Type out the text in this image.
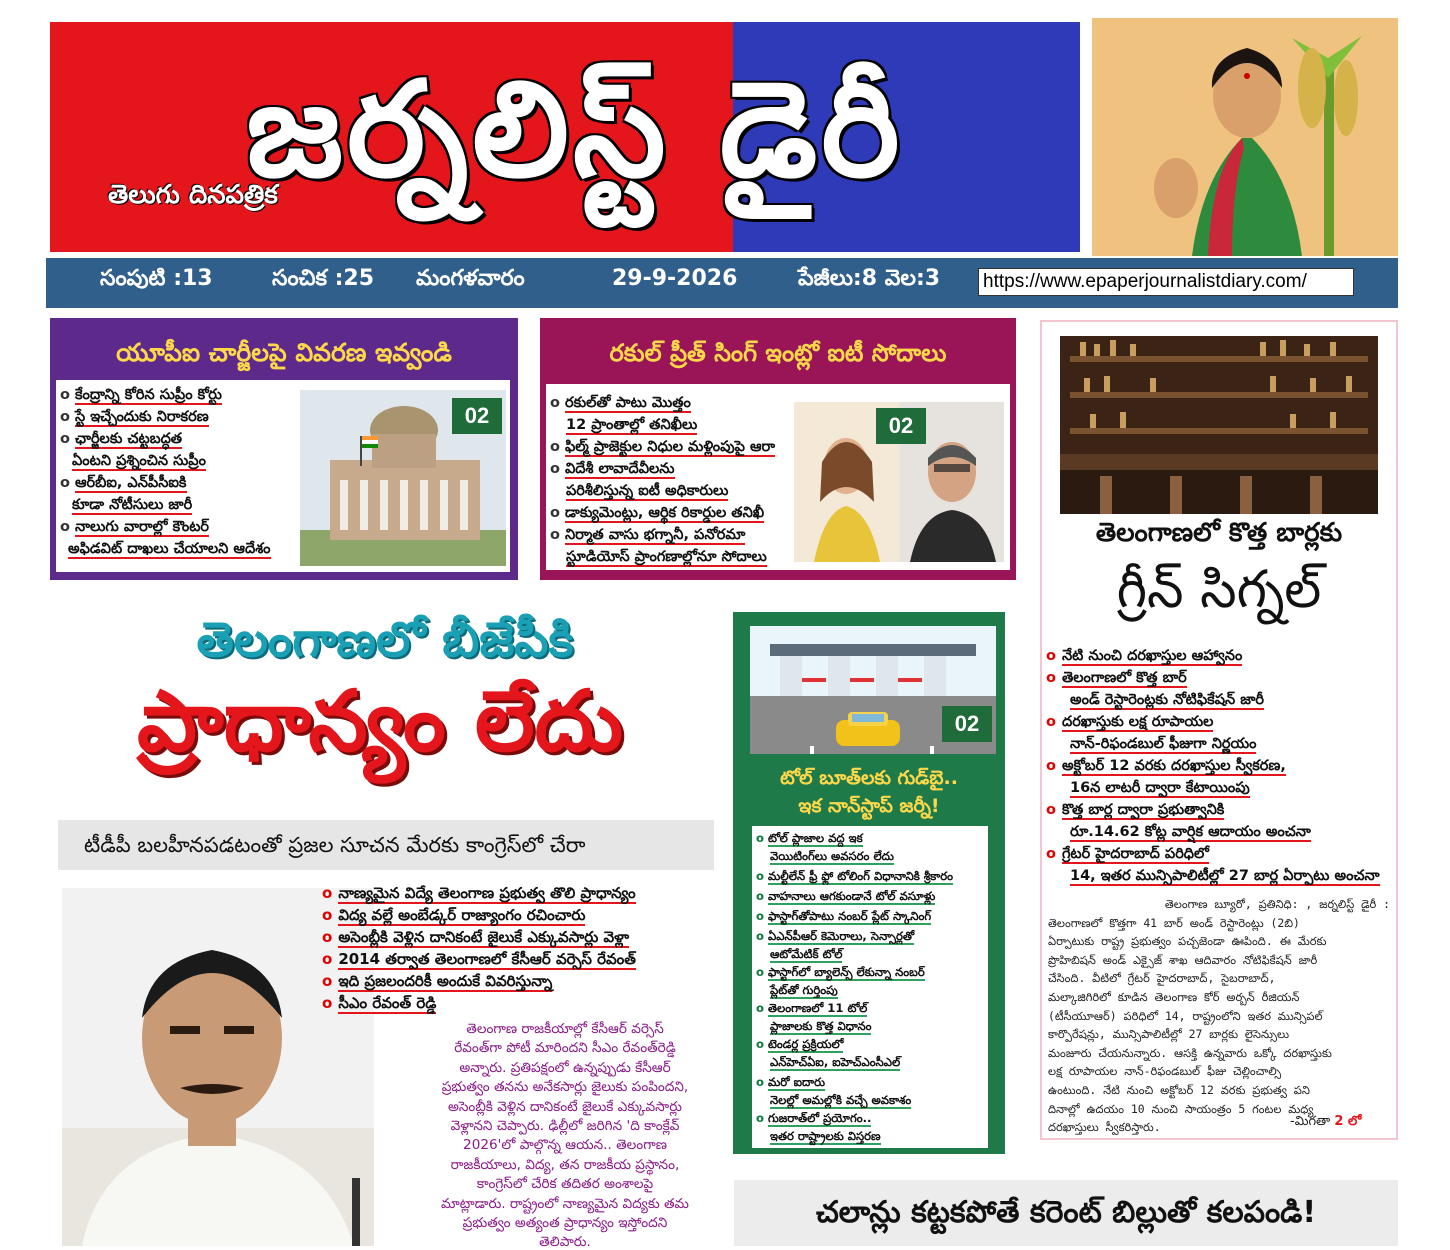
జర్నలిస్ట్ డైరీ
తెలుగు దినపత్రిక
సంపుటి :13	సంచిక :25 మంగళవారం	29-9-2026	పేజీలు:8 వెల:3 https://www.epaperjournalistdiary.com/
యూపీఐ చార్జీలపై వివరణ ఇవ్వండి
02
o కేంద్రాన్ని కోరిన సుప్రీం కోర్టు
o స్టే ఇచ్చేందుకు నిరాకరణ
o ఛార్జీలకు చట్టబద్ధత
ఏంటని ప్రశ్నించిన సుప్రీం
o ఆర్‌బీఐ, ఎన్‌పీసీఐకి
కూడా నోటీసులు జారీ
o నాలుగు వారాల్లో కౌంటర్
అఫిడవిట్ దాఖలు చేయాలని ఆదేశం
రకుల్ ప్రీత్ సింగ్ ఇంట్లో ఐటీ సోదాలు
02
o రకుల్‌తో పాటు మొత్తం
12 ప్రాంతాల్లో తనిఖీలు
o ఫిల్మ్ ప్రాజెక్టుల నిధుల మళ్లింపుపై ఆరా
o విదేశీ లావాదేవీలను
పరిశీలిస్తున్న ఐటీ అధికారులు
o డాక్యుమెంట్లు, ఆర్థిక రికార్డుల తనిఖీ
o నిర్మాత వాసు భగ్నానీ, పనోరమా
స్టూడియోస్ ప్రాంగణాల్లోనూ సోదాలు
తెలంగాణలో కొత్త బార్లకు
గ్రీన్ సిగ్నల్
o నేటి నుంచి దరఖాస్తుల ఆహ్వానం
o తెలంగాణలో కొత్త బార్
అండ్ రెస్టారెంట్లకు నోటిఫికేషన్ జారీ
o దరఖాస్తుకు లక్ష రూపాయల
నాన్-రిఫండబుల్ ఫీజుగా నిర్ణయం
o అక్టోబర్ 12 వరకు దరఖాస్తుల స్వీకరణ,
16న లాటరీ ద్వారా కేటాయింపు
o కొత్త బార్ల ద్వారా ప్రభుత్వానికి
రూ.14.62 కోట్ల వార్షిక ఆదాయం అంచనా
o గ్రేటర్ హైదరాబాద్ పరిధిలో
14, ఇతర మున్సిపాలిటీల్లో 27 బార్ల ఏర్పాటు అంచనా

తెలంగాణ బ్యూరో, ప్రతినిధి: , జర్నలిస్ట్ డైరీ :

తెలంగాణలో కొత్తగా 41 బార్ అండ్ రెస్టారెంట్లు (2బి)

ఏర్పాటుకు రాష్ట్ర ప్రభుత్వం పచ్చజెండా ఊపింది. ఈ మేరకు

ప్రొహిబిషన్ అండ్ ఎక్సైజ్ శాఖ ఆదివారం నోటిఫికేషన్ జారీ

చేసింది. వీటిలో గ్రేటర్ హైదరాబాద్, సైబరాబాద్,

మల్కాజిగిరిలో కూడిన తెలంగాణ కోర్ అర్బన్ రీజియన్

(టీసీయూఆర్) పరిధిలో 14, రాష్ట్రంలోని ఇతర మున్సిపల్

కార్పొరేషన్లు, మున్సిపాలిటీల్లో 27 బార్లకు లైసెన్సులు

మంజూరు చేయనున్నారు. ఆసక్తి ఉన్నవారు ఒక్కో దరఖాస్తుకు

లక్ష రూపాయల నాన్-రిఫండబుల్ ఫీజు చెల్లించాల్సి

ఉంటుంది. నేటి నుంచి అక్టోబర్ 12 వరకు ప్రభుత్వ పని

దినాల్లో ఉదయం 10 నుంచి సాయంత్రం 5 గంటల మధ్య

దరఖాస్తులు స్వీకరిస్తారు.	-మిగతా 2 లో
తెలంగాణలో బీజేపీకి
ప్రాధాన్యం లేదు
టీడీపీ బలహీనపడటంతో ప్రజల సూచన మేరకు కాంగ్రెస్‌లో చేరా
o నాణ్యమైన విద్యే తెలంగాణ ప్రభుత్వ తొలి ప్రాధాన్యం
o విద్య వల్లే అంబేడ్కర్ రాజ్యాంగం రచించారు
o అసెంబ్లీకి వెళ్లిన దానికంటే జైలుకే ఎక్కువసార్లు వెళ్లా
o 2014 తర్వాత తెలంగాణలో కేసీఆర్ వర్సెస్ రేవంత్
o ఇది ప్రజలందరికీ అందుకే వివరిస్తున్నా
o సీఎం రేవంత్ రెడ్డి

తెలంగాణ రాజకీయాల్లో కేసీఆర్ వర్సెస్

రేవంత్‌గా పోటీ మారిందని సీఎం రేవంత్‌రెడ్డి

అన్నారు. ప్రతిపక్షంలో ఉన్నప్పుడు కేసీఆర్

ప్రభుత్వం తనను అనేకసార్లు జైలుకు పంపిందని,

అసెంబ్లీకి వెళ్లిన దానికంటే జైలుకే ఎక్కువసార్లు

వెళ్లానని చెప్పారు. ఢిల్లీలో జరిగిన 'ది కాంక్లేవ్

2026'లో పాల్గొన్న ఆయన.. తెలంగాణ

రాజకీయాలు, విద్య, తన రాజకీయ ప్రస్థానం,

కాంగ్రెస్‌లో చేరిక తదితర అంశాలపై

మాట్లాడారు. రాష్ట్రంలో నాణ్యమైన విద్యకు తమ

ప్రభుత్వం అత్యంత ప్రాధాన్యం ఇస్తోందని

తెలిపారు.

02
టోల్ బూత్‌లకు గుడ్‌బై..
ఇక నాన్‌స్టాప్ జర్నీ!
o టోల్ ప్లాజాల వద్ద ఇక
వెయిటింగ్‌లు అవసరం లేదు
o మల్టీలేన్ ఫ్రీ ఫ్లో టోలింగ్ విధానానికి శ్రీకారం
o వాహనాలు ఆగకుండానే టోల్ వసూళ్లు
o ఫాస్టాగ్‌తోపాటు నంబర్ ప్లేట్ స్కానింగ్
o ఏఎన్‌పీఆర్ కెమెరాలు, సెన్సార్లతో
ఆటోమేటిక్ టోల్
o ఫాస్టాగ్‌లో బ్యాలెన్స్ లేకున్నా నంబర్
ప్లేట్‌తో గుర్తింపు
o తెలంగాణలో 11 టోల్
ప్లాజాలకు కొత్త విధానం
o టెండర్ల ప్రక్రియలో
ఎన్‌హెచ్ఏఐ, ఐహెచ్ఎంసీఎల్
o మరో ఐదారు
నెలల్లో అమల్లోకి వచ్చే అవకాశం
o గుజరాత్‌లో ప్రయోగం..
ఇతర రాష్ట్రాలకు విస్తరణ
చలాన్లు కట్టకపోతే కరెంట్ బిల్లుతో కలపండి!
